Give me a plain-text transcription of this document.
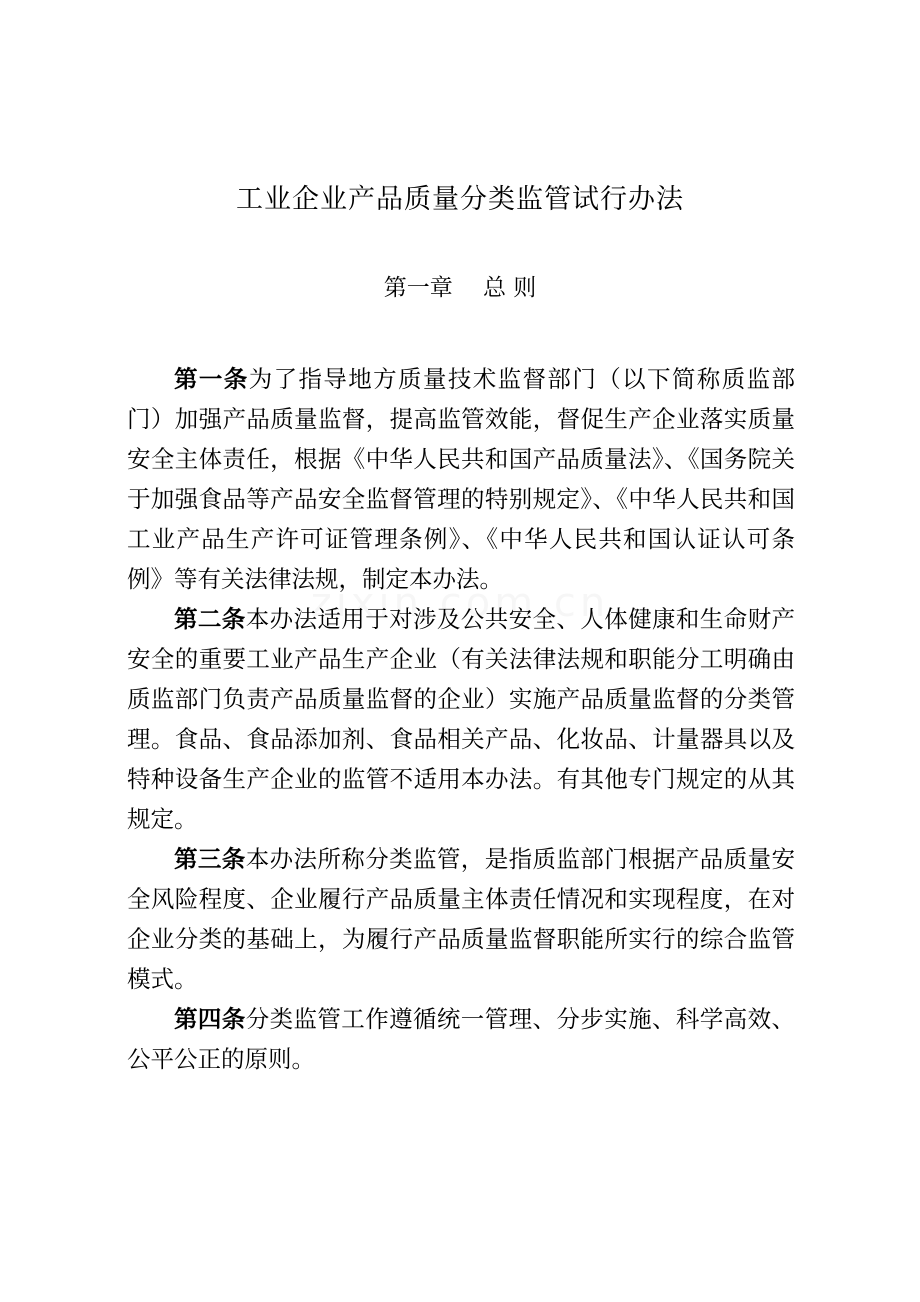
工业企业产品质量分类监管试行办法
第一章　 总 则

第一条为了指导地方质量技术监督部门（以下简称质监部门）加强产品质量监督，提高监管效能，督促生产企业落实质量安全主体责任，根据《中华人民共和国产品质量法》、《国务院关于加强食品等产品安全监督管理的特别规定》、《中华人民共和国工业产品生产许可证管理条例》、《中华人民共和国认证认可条例》等有关法律法规，制定本办法。

第二条本办法适用于对涉及公共安全、人体健康和生命财产安全的重要工业产品生产企业（有关法律法规和职能分工明确由质监部门负责产品质量监督的企业）实施产品质量监督的分类管理。食品、食品添加剂、食品相关产品、化妆品、计量器具以及特种设备生产企业的监管不适用本办法。有其他专门规定的从其规定。

第三条本办法所称分类监管，是指质监部门根据产品质量安全风险程度、企业履行产品质量主体责任情况和实现程度，在对企业分类的基础上，为履行产品质量监督职能所实行的综合监管模式。

第四条分类监管工作遵循统一管理、分步实施、科学高效、公平公正的原则。
